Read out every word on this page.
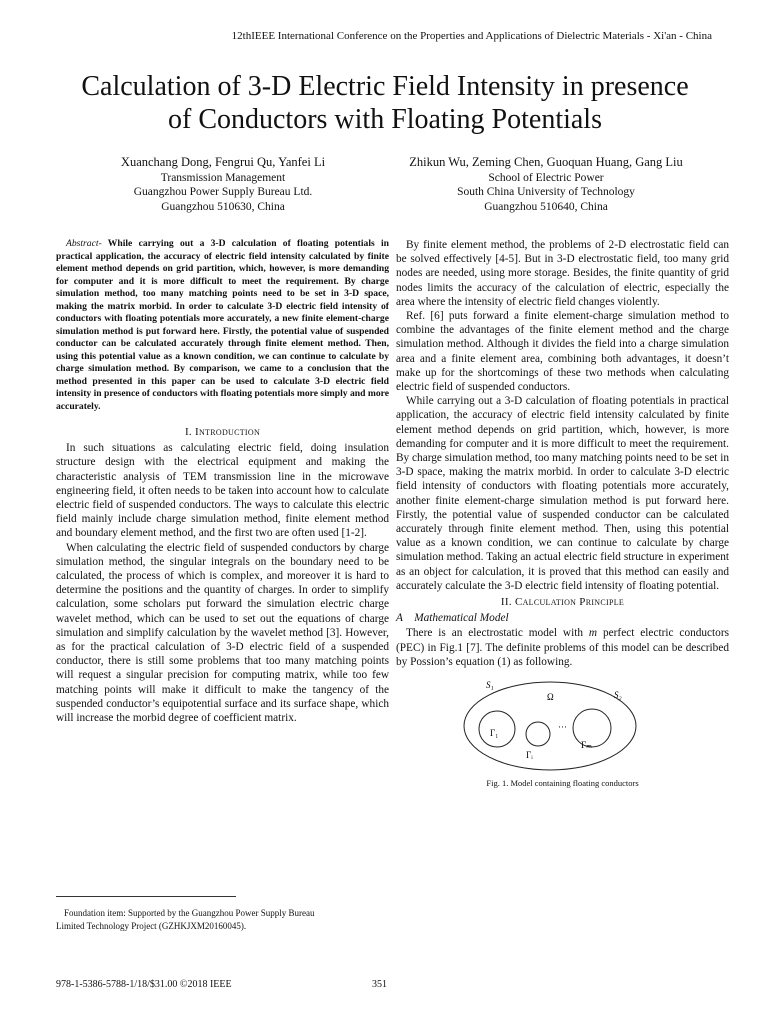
12thIEEE International Conference on the Properties and Applications of Dielectric Materials - Xi'an - China
Calculation of 3-D Electric Field Intensity in presence
of Conductors with Floating Potentials
Xuanchang Dong, Fengrui Qu, Yanfei Li
Transmission Management
Guangzhou Power Supply Bureau Ltd.
Guangzhou 510630, China
Zhikun Wu, Zeming Chen, Guoquan Huang, Gang Liu
School of Electric Power
South China University of Technology
Guangzhou 510640, China

Abstract- While carrying out a 3-D calculation of floating potentials in practical application, the accuracy of electric field intensity calculated by finite element method depends on grid partition, which, however, is more demanding for computer and it is more difficult to meet the requirement. By charge simulation method, too many matching points need to be set in 3-D space, making the matrix morbid. In order to calculate 3-D electric field intensity of conductors with floating potentials more accurately, a new finite element-charge simulation method is put forward here. Firstly, the potential value of suspended conductor can be calculated accurately through finite element method. Then, using this potential value as a known condition, we can continue to calculate by charge simulation method. By comparison, we came to a conclusion that the method presented in this paper can be used to calculate 3-D electric field intensity in presence of conductors with floating potentials more simply and more accurately.

I. Introduction

In such situations as calculating electric field, doing insulation structure design with the electrical equipment and making the characteristic analysis of TEM transmission line in the microwave engineering field, it often needs to be taken into account how to calculate electric field of suspended conductors. The ways to calculate this electric field mainly include charge simulation method, finite element method and boundary element method, and the first two are often used [1-2].

When calculating the electric field of suspended conductors by charge simulation method, the singular integrals on the boundary need to be calculated, the process of which is complex, and moreover it is hard to determine the positions and the quantity of charges. In order to simplify calculation, some scholars put forward the simulation electric charge wavelet method, which can be used to set out the equations of charge simulation and simplify calculation by the wavelet method [3]. However, as for the practical calculation of 3-D electric field of a suspended conductor, there is still some problems that too many matching points will request a singular precision for computing matrix, while too few matching points will make it difficult to make the tangency of the suspended conductor’s equipotential surface and its surface shape, which will increase the morbid degree of coefficient matrix.

By finite element method, the problems of 2-D electrostatic field can be solved effectively [4-5]. But in 3-D electrostatic field, too many grid nodes are needed, using more storage. Besides, the finite quantity of grid nodes limits the accuracy of the calculation of electric, especially the area where the intensity of electric field changes violently.

Ref. [6] puts forward a finite element-charge simulation method to combine the advantages of the finite element method and the charge simulation method. Although it divides the field into a charge simulation area and a finite element area, combining both advantages, it doesn’t make up for the shortcomings of these two methods when calculating electric field of suspended conductors.

While carrying out a 3-D calculation of floating potentials in practical application, the accuracy of electric field intensity calculated by finite element method depends on grid partition, which, however, is more demanding for computer and it is more difficult to meet the requirement. By charge simulation method, too many matching points need to be set in 3-D space, making the matrix morbid. In order to calculate 3-D electric field intensity of conductors with floating potentials more accurately, another finite element-charge simulation method is put forward here. Firstly, the potential value of suspended conductor can be calculated accurately through finite element method. Then, using this potential value as a known condition, we can continue to calculate by charge simulation method. Taking an actual electric field structure in experiment as an object for calculation, it is proved that this method can easily and accurately calculate the 3-D electric field intensity of floating potential.

II. Calculation Principle
A Mathematical Model

There is an electrostatic model with m perfect electric conductors (PEC) in Fig.1 [7]. The definite problems of this model can be described by Possion’s equation (1) as following.

S₁
S₂
Ω
Γ₁
Γᵢ
Γₘ
···
Fig. 1. Model containing floating conductors
Foundation item: Supported by the Guangzhou Power Supply Bureau
Limited Technology Project (GZHKJXM20160045).
978-1-5386-5788-1/18/$31.00 ©2018 IEEE	351
